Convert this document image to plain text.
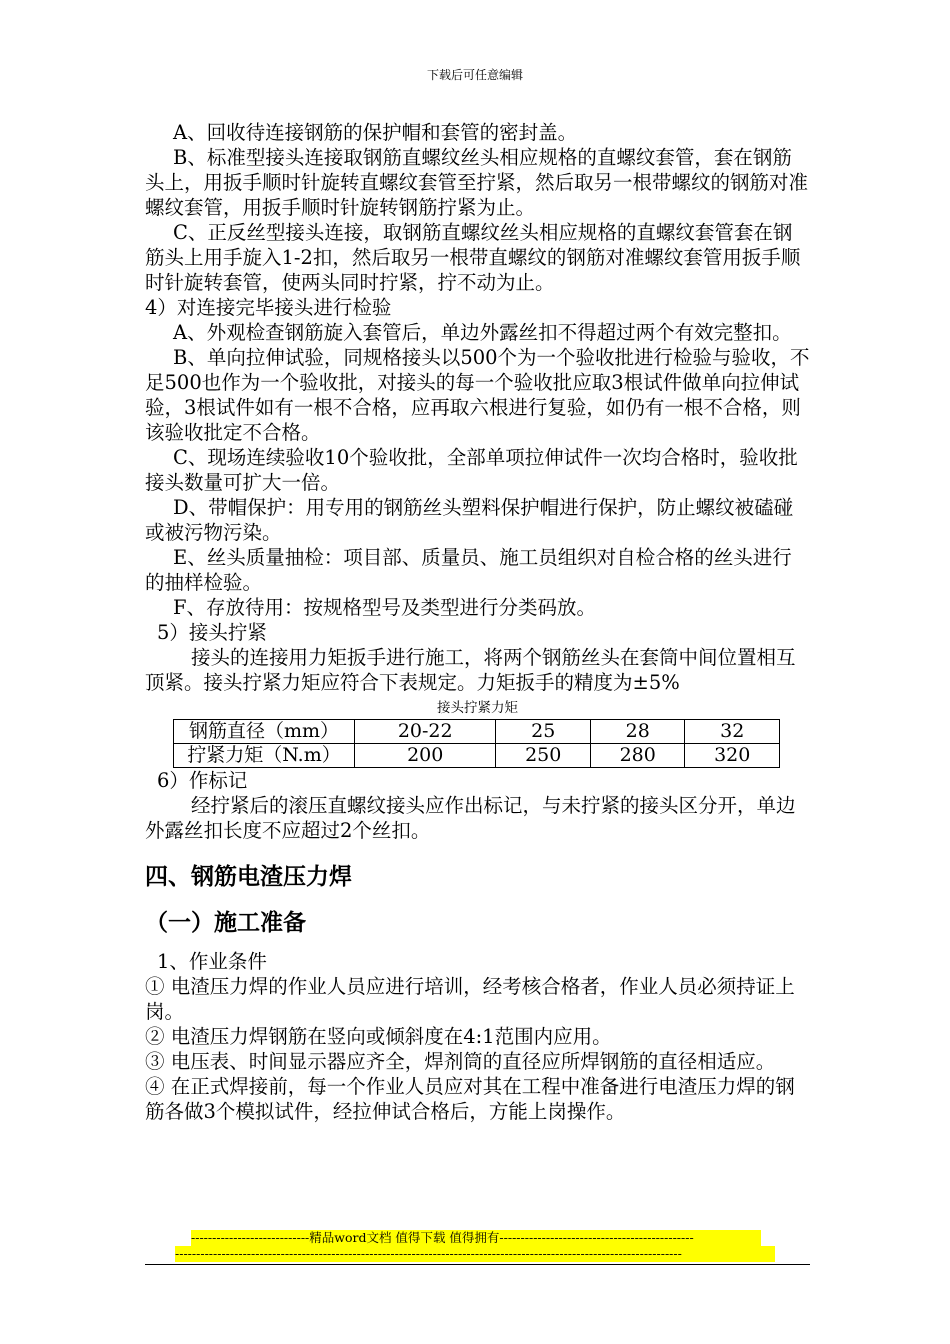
下载后可任意编辑

A、回收待连接钢筋的保护帽和套管的密封盖。

B、标准型接头连接取钢筋直螺纹丝头相应规格的直螺纹套管，套在钢筋头上，用扳手顺时针旋转直螺纹套管至拧紧，然后取另一根带螺纹的钢筋对准螺纹套管，用扳手顺时针旋转钢筋拧紧为止。

C、正反丝型接头连接，取钢筋直螺纹丝头相应规格的直螺纹套管套在钢筋头上用手旋入1-2扣，然后取另一根带直螺纹的钢筋对准螺纹套管用扳手顺时针旋转套管，使两头同时拧紧，拧不动为止。

4）对连接完毕接头进行检验

A、外观检查钢筋旋入套管后，单边外露丝扣不得超过两个有效完整扣。

B、单向拉伸试验，同规格接头以500个为一个验收批进行检验与验收，不足500也作为一个验收批，对接头的每一个验收批应取3根试件做单向拉伸试验，3根试件如有一根不合格，应再取六根进行复验，如仍有一根不合格，则该验收批定不合格。

C、现场连续验收10个验收批，全部单项拉伸试件一次均合格时，验收批接头数量可扩大一倍。

D、带帽保护：用专用的钢筋丝头塑料保护帽进行保护，防止螺纹被磕碰或被污物污染。

E、丝头质量抽检：项目部、质量员、施工员组织对自检合格的丝头进行的抽样检验。

F、存放待用：按规格型号及类型进行分类码放。

5）接头拧紧

接头的连接用力矩扳手进行施工，将两个钢筋丝头在套筒中间位置相互顶紧。接头拧紧力矩应符合下表规定。力矩扳手的精度为±5%

接头拧紧力矩
钢筋直径（mm）	20-22	25	28	32
拧紧力矩（N.m）	200	250	280	320

6）作标记

经拧紧后的滚压直螺纹接头应作出标记，与未拧紧的接头区分开，单边外露丝扣长度不应超过2个丝扣。

四、钢筋电渣压力焊
（一）施工准备

1、作业条件

① 电渣压力焊的作业人员应进行培训，经考核合格者，作业人员必须持证上岗。

② 电渣压力焊钢筋在竖向或倾斜度在4:1范围内应用。

③ 电压表、时间显示器应齐全，焊剂筒的直径应所焊钢筋的直径相适应。

④ 在正式焊接前，每一个作业人员应对其在工程中准备进行电渣压力焊的钢筋各做3个模拟试件，经拉伸试合格后，方能上岗操作。

----------------------------精品word文档 值得下载 值得拥有----------------------------------------------
------------------------------------------------------------------------------------------------------------------------
